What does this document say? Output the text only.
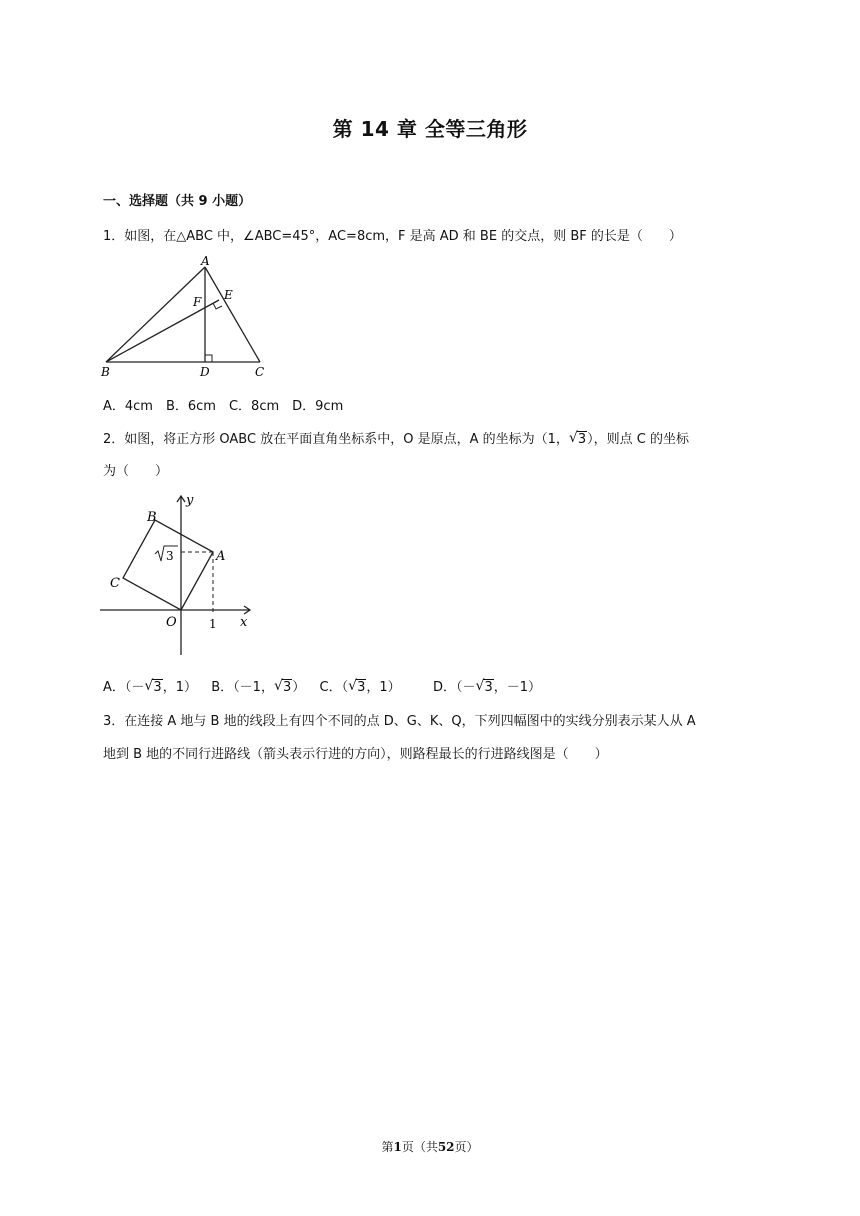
第 14 章 全等三角形
一、选择题（共 9 小题）
1．如图，在△ABC 中，∠ABC=45°，AC=8cm，F 是高 AD 和 BE 的交点，则 BF 的长是（　　）
A
B	D	C
E
F
A．4cm　B．6cm　C．8cm　D．9cm
2．如图，将正方形 OABC 放在平面直角坐标系中，O 是原点，A 的坐标为（1， √ 3），则点 C 的坐标
为（　　）
y
x
B
A
C
O	1
3
A．（－ √ 3，1） B．（－1， √ 3） C．（ √ 3，1） D．（－ √ 3，－1）
3．在连接 A 地与 B 地的线段上有四个不同的点 D、G、K、Q，下列四幅图中的实线分别表示某人从 A
地到 B 地的不同行进路线（箭头表示行进的方向），则路程最长的行进路线图是（　　）
第1页（共52页）
